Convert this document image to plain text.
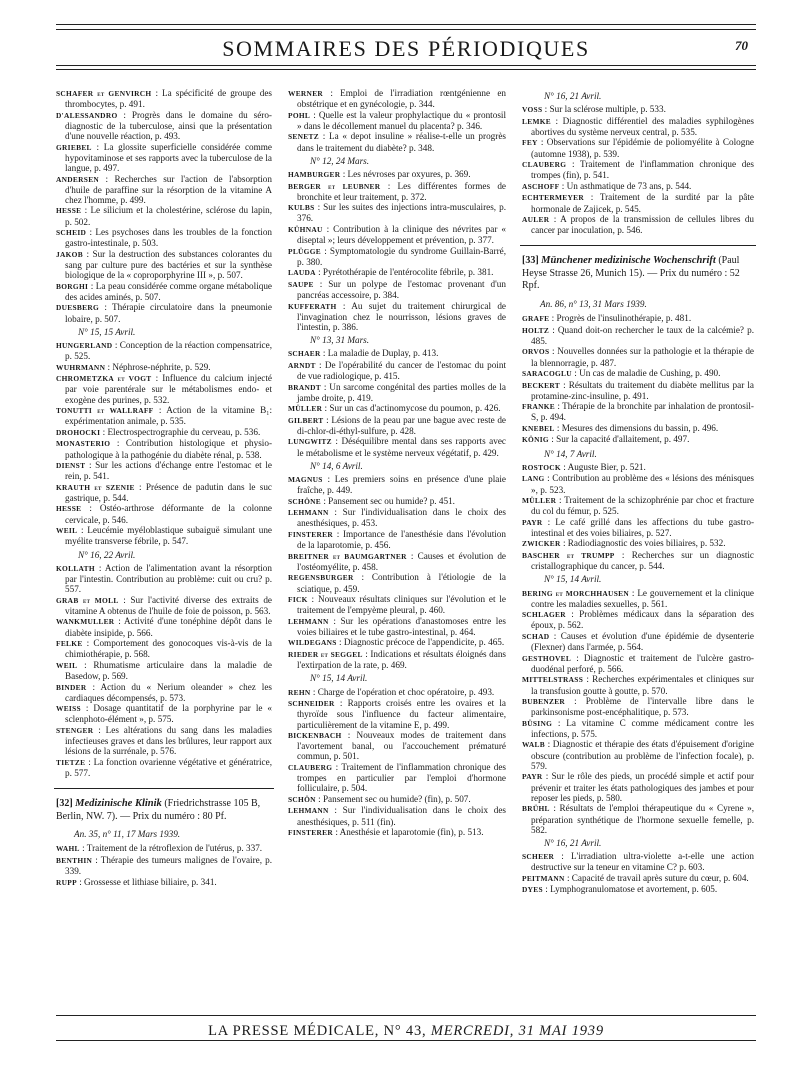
SOMMAIRES DES PÉRIODIQUES	70
SCHAFER et GENVIRCH : La spécificité de groupe des thrombocytes, p. 491.
D'ALESSANDRO : Progrès dans le domaine du séro-diagnostic de la tuberculose, ainsi que la présentation d'une nouvelle réaction, p. 493.
GRIEBEL : La glossite superficielle considérée comme hypovitaminose et ses rapports avec la tuberculose de la langue, p. 497.
ANDERSEN : Recherches sur l'action de l'absorption d'huile de paraffine sur la résorption de la vitamine A chez l'homme, p. 499.
HESSE : Le silicium et la cholestérine, sclérose du lapin, p. 502.
SCHEID : Les psychoses dans les troubles de la fonction gastro-intestinale, p. 503.
JAKOB : Sur la destruction des substances colorantes du sang par culture pure des bactéries et sur la synthèse biologique de la « coproporphyrine III », p. 507.
BORGHI : La peau considérée comme organe métabolique des acides aminés, p. 507.
DUESBERG : Thérapie circulatoire dans la pneumonie lobaire, p. 507.
N° 15, 15 Avril.
HUNGERLAND : Conception de la réaction compensatrice, p. 525.
WUHRMANN : Néphrose-néphrite, p. 529.
CHROMETZKA et VOGT : Influence du calcium injecté par voie parentérale sur le métabolismes endo- et exogène des purines, p. 532.
TONUTTI et WALLRAFF : Action de la vitamine B₁: expérimentation animale, p. 535.
DROHOCKI : Electrospectrographie du cerveau, p. 536.
MONASTERIO : Contribution histologique et physio-pathologique à la pathogénie du diabète rénal, p. 538.
DIENST : Sur les actions d'échange entre l'estomac et le rein, p. 541.
KRAUTH et SZENIE : Présence de padutin dans le suc gastrique, p. 544.
HESSE : Ostéo-arthrose déformante de la colonne cervicale, p. 546.
WEIL : Leucémie myéloblastique subaiguë simulant une myélite transverse fébrile, p. 547.
N° 16, 22 Avril.
KOLLATH : Action de l'alimentation avant la résorption par l'intestin. Contribution au problème: cuit ou cru? p. 557.
GRAB et MOLL : Sur l'activité diverse des extraits de vitamine A obtenus de l'huile de foie de poisson, p. 563.
WANKMULLER : Activité d'une tonéphine dépôt dans le diabète insipide, p. 566.
FELKE : Comportement des gonocoques vis-à-vis de la chimiothérapie, p. 568.
WEIL : Rhumatisme articulaire dans la maladie de Basedow, p. 569.
BINDER : Action du « Nerium oleander » chez les cardiaques décompensés, p. 573.
WEISS : Dosage quantitatif de la porphyrine par le « sclenphoto-élément », p. 575.
STENGER : Les altérations du sang dans les maladies infectieuses graves et dans les brûlures, leur rapport aux lésions de la surrénale, p. 576.
TIETZE : La fonction ovarienne végétative et génératrice, p. 577.
[32] Medizinische Klinik (Friedrichstrasse 105 B, Berlin, NW. 7). — Prix du numéro : 80 Pf.
An. 35, n° 11, 17 Mars 1939.
WAHL : Traitement de la rétroflexion de l'utérus, p. 337.
BENTHIN : Thérapie des tumeurs malignes de l'ovaire, p. 339.
RUPP : Grossesse et lithiase biliaire, p. 341.
WERNER : Emploi de l'irradiation rœntgénienne en obstétrique et en gynécologie, p. 344.
POHL : Quelle est la valeur prophylactique du « prontosil » dans le décollement manuel du placenta? p. 346.
SENETZ : La « depot insuline » réalise-t-elle un progrès dans le traitement du diabète? p. 348.
N° 12, 24 Mars.
HAMBURGER : Les névroses par oxyures, p. 369.
BERGER et LEUBNER : Les différentes formes de bronchite et leur traitement, p. 372.
KULBS : Sur les suites des injections intra-musculaires, p. 376.
KÜHNAU : Contribution à la clinique des névrites par « diseptal »; leurs développement et prévention, p. 377.
PLÜGGE : Symptomatologie du syndrome Guillain-Barré, p. 380.
LAUDA : Pyrétothérapie de l'entérocolite fébrile, p. 381.
SAUPE : Sur un polype de l'estomac provenant d'un pancréas accessoire, p. 384.
KUFFERATH : Au sujet du traitement chirurgical de l'invagination chez le nourrisson, lésions graves de l'intestin, p. 386.
N° 13, 31 Mars.
SCHAER : La maladie de Duplay, p. 413.
ARNDT : De l'opérabilité du cancer de l'estomac du point de vue radiologique, p. 415.
BRANDT : Un sarcome congénital des parties molles de la jambe droite, p. 419.
MÜLLER : Sur un cas d'actinomycose du poumon, p. 426.
GILBERT : Lésions de la peau par une bague avec reste de di-chlor-di-éthyl-sulfure, p. 428.
LUNGWITZ : Déséquilibre mental dans ses rapports avec le métabolisme et le système nerveux végétatif, p. 429.
N° 14, 6 Avril.
MAGNUS : Les premiers soins en présence d'une plaie fraîche, p. 449.
SCHÖNE : Pansement sec ou humide? p. 451.
LEHMANN : Sur l'individualisation dans le choix des anesthésiques, p. 453.
FINSTERER : Importance de l'anesthésie dans l'évolution de la laparotomie, p. 456.
BREITNER et BAUMGARTNER : Causes et évolution de l'ostéomyélite, p. 458.
REGENSBURGER : Contribution à l'étiologie de la sciatique, p. 459.
FICK : Nouveaux résultats cliniques sur l'évolution et le traitement de l'empyème pleural, p. 460.
LEHMANN : Sur les opérations d'anastomoses entre les voies biliaires et le tube gastro-intestinal, p. 464.
WILDEGANS : Diagnostic précoce de l'appendicite, p. 465.
RIEDER et SEGGEL : Indications et résultats éloignés dans l'extirpation de la rate, p. 469.
N° 15, 14 Avril.
REHN : Charge de l'opération et choc opératoire, p. 493.
SCHNEIDER : Rapports croisés entre les ovaires et la thyroïde sous l'influence du facteur alimentaire, particulièrement de la vitamine E, p. 499.
BICKENBACH : Nouveaux modes de traitement dans l'avortement banal, ou l'accouchement prématuré commun, p. 501.
CLAUBERG : Traitement de l'inflammation chronique des trompes en particulier par l'emploi d'hormone folliculaire, p. 504.
SCHÖN : Pansement sec ou humide? (fin), p. 507.
LEHMANN : Sur l'individualisation dans le choix des anesthésiques, p. 511 (fin).
FINSTERER : Anesthésie et laparotomie (fin), p. 513.
N° 16, 21 Avril.
VOSS : Sur la sclérose multiple, p. 533.
LEMKE : Diagnostic différentiel des maladies syphilogènes abortives du système nerveux central, p. 535.
FEY : Observations sur l'épidémie de poliomyélite à Cologne (automne 1938), p. 539.
CLAUBERG : Traitement de l'inflammation chronique des trompes (fin), p. 541.
ASCHOFF : Un asthmatique de 73 ans, p. 544.
ECHTERMEYER : Traitement de la surdité par la pâte hormonale de Zajicek, p. 545.
AULER : A propos de la transmission de cellules libres du cancer par inoculation, p. 546.
[33] Münchener medizinische Wochenschrift (Paul Heyse Strasse 26, Munich 15). — Prix du numéro : 52 Rpf.
An. 86, n° 13, 31 Mars 1939.
GRAFE : Progrès de l'insulinothérapie, p. 481.
HOLTZ : Quand doit-on rechercher le taux de la calcémie? p. 485.
ORVOS : Nouvelles données sur la pathologie et la thérapie de la blennorragie, p. 487.
SARACOGLU : Un cas de maladie de Cushing, p. 490.
BECKERT : Résultats du traitement du diabète mellitus par la protamine-zinc-insuline, p. 491.
FRANKE : Thérapie de la bronchite par inhalation de prontosil-S, p. 494.
KNEBEL : Mesures des dimensions du bassin, p. 496.
KÖNIG : Sur la capacité d'allaitement, p. 497.
N° 14, 7 Avril.
ROSTOCK : Auguste Bier, p. 521.
LANG : Contribution au problème des « lésions des ménisques », p. 523.
MÜLLER : Traitement de la schizophrénie par choc et fracture du col du fémur, p. 525.
PAYR : Le café grillé dans les affections du tube gastro-intestinal et des voies biliaires, p. 527.
ZWICKER : Radiodiagnostic des voies biliaires, p. 532.
BASCHER et TRUMPP : Recherches sur un diagnostic cristallographique du cancer, p. 544.
N° 15, 14 Avril.
BERING et MORCHHAUSEN : Le gouvernement et la clinique contre les maladies sexuelles, p. 561.
SCHLAGER : Problèmes médicaux dans la séparation des époux, p. 562.
SCHAD : Causes et évolution d'une épidémie de dysenterie (Flexner) dans l'armée, p. 564.
GESTHOVEL : Diagnostic et traitement de l'ulcère gastro-duodénal perforé, p. 566.
MITTELSTRASS : Recherches expérimentales et cliniques sur la transfusion goutte à goutte, p. 570.
BUBENZER : Problème de l'intervalle libre dans le parkinsonisme post-encéphalitique, p. 573.
BÜSING : La vitamine C comme médicament contre les infections, p. 575.
WALB : Diagnostic et thérapie des états d'épuisement d'origine obscure (contribution au problème de l'infection focale), p. 579.
PAYR : Sur le rôle des pieds, un procédé simple et actif pour prévenir et traiter les états pathologiques des jambes et pour reposer les pieds, p. 580.
BRÜHL : Résultats de l'emploi thérapeutique du « Cyrene », préparation synthétique de l'hormone sexuelle femelle, p. 582.
N° 16, 21 Avril.
SCHEER : L'irradiation ultra-violette a-t-elle une action destructive sur la teneur en vitamine C? p. 603.
PEITMANN : Capacité de travail après suture du cœur, p. 604.
DYES : Lymphogranulomatose et avortement, p. 605.
LA PRESSE MÉDICALE, N° 43, MERCREDI, 31 MAI 1939
